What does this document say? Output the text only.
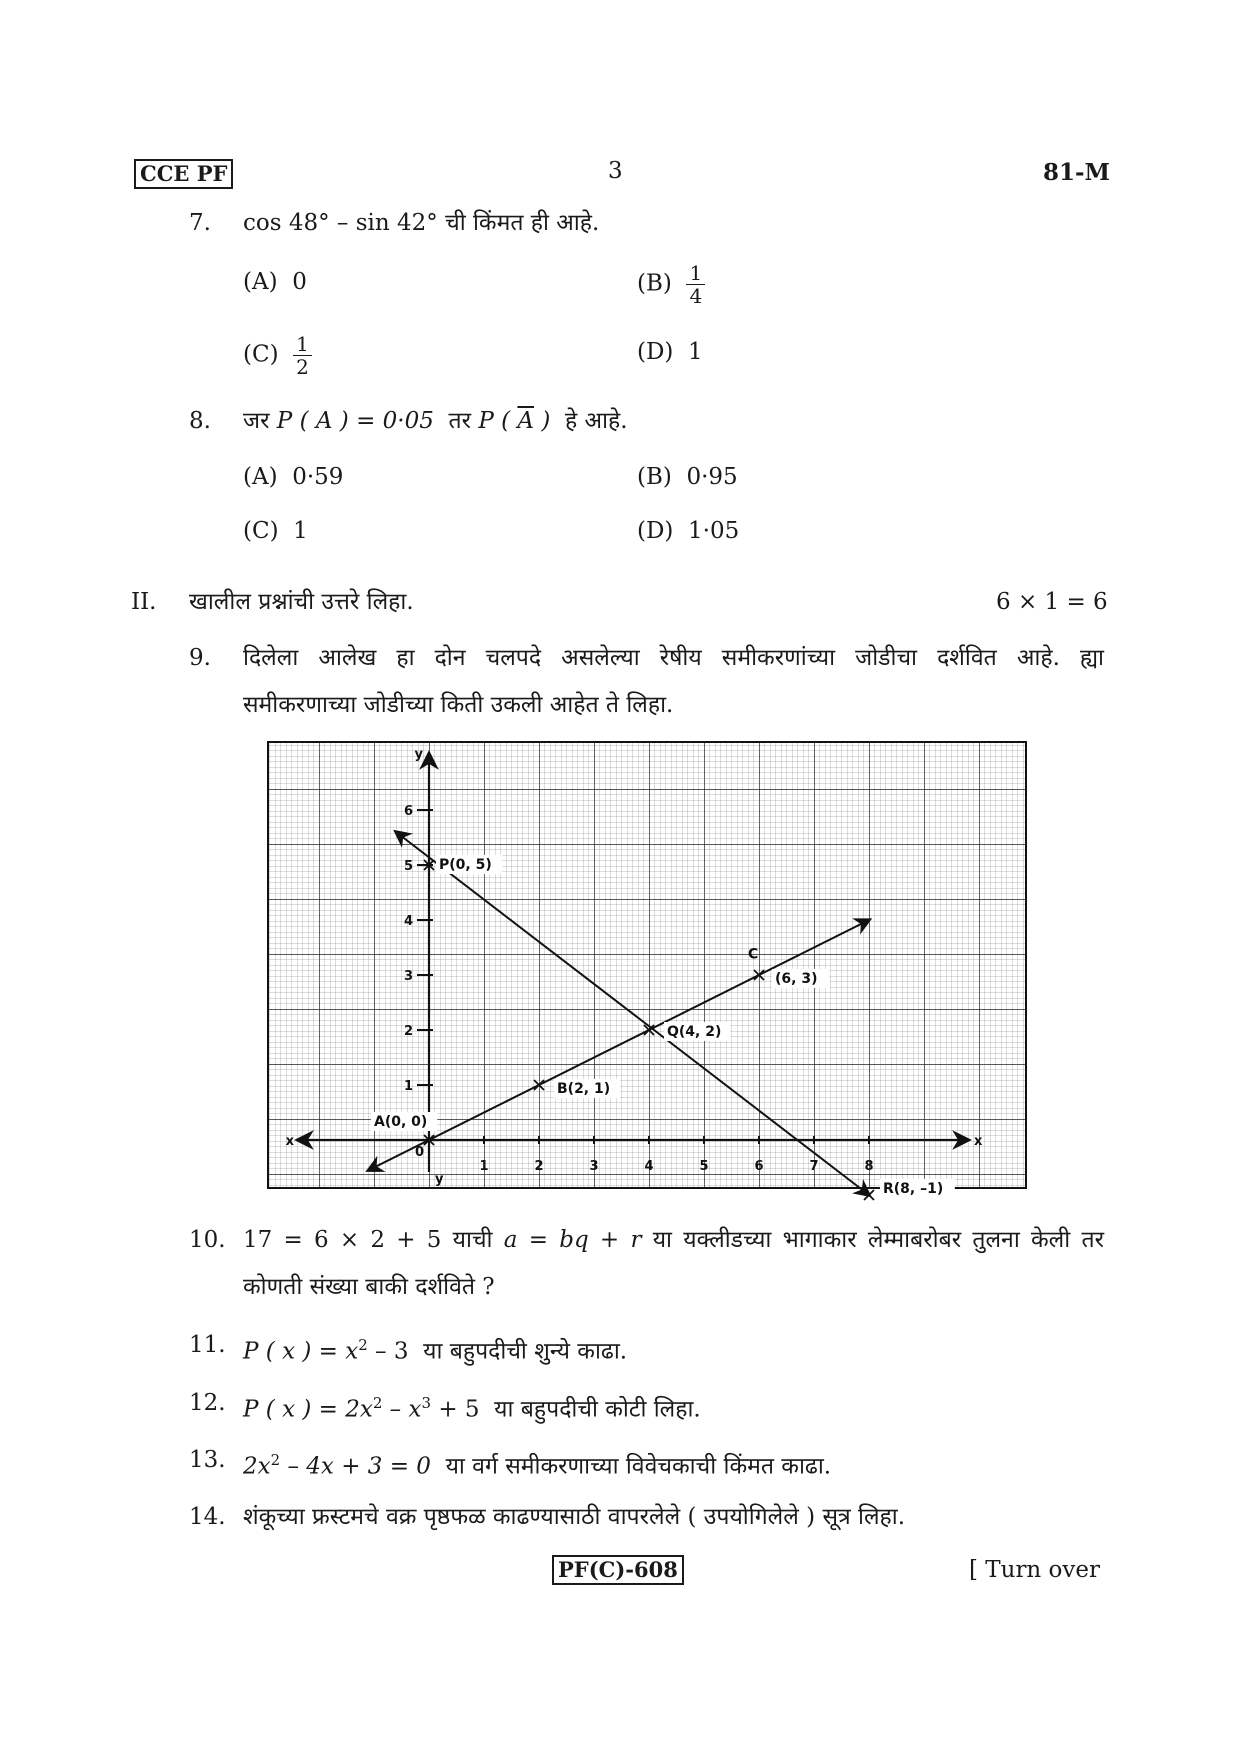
CCE PF	3	81-M
7. cos 48° – sin 42° ची किंमत ही आहे.
(A) 0	$(B) \frac{1}{4}$
$(C) \frac{1}{2}$	(D) 1
8. जर P ( A ) = 0·05 तर P ( $\overline{A}$ ) हे आहे.
(A) 0·59	(B) 0·95
(C) 1	(D) 1·05
II. खालील प्रश्नांची उत्तरे लिहा.	6 × 1 = 6
9. दिलेला आलेख हा दोन चलपदे असलेल्या रेषीय समीकरणांच्या जोडीचा दर्शवित आहे. ह्या
समीकरणाच्या जोडीच्या किती उकली आहेत ते लिहा.
x
x
y
y
0
1	2	3	4	5	6	7	8
1
2
3
4
5
6
P(0, 5)
Q(4, 2)
R(8, –1)
A(0, 0)
B(2, 1)
(6, 3)
C
10. 17 = 6 × 2 + 5 याची a = bq + r या यक्लीडच्या भागाकार लेम्माबरोबर तुलना केली तर
कोणती संख्या बाकी दर्शविते ?
11. P ( x ) = $x^2 - 3$ या बहुपदीची शुन्ये काढा.
12. P ( x ) = $2x^2 - x^3 + 5$ या बहुपदीची कोटी लिहा.
13. $2x^2 - 4x + 3 = 0$ या वर्ग समीकरणाच्या विवेचकाची किंमत काढा.
14. शंकूच्या फ्रस्टमचे वक्र पृष्ठफळ काढण्यासाठी वापरलेले ( उपयोगिलेले ) सूत्र लिहा.
PF(C)-608	[ Turn over
